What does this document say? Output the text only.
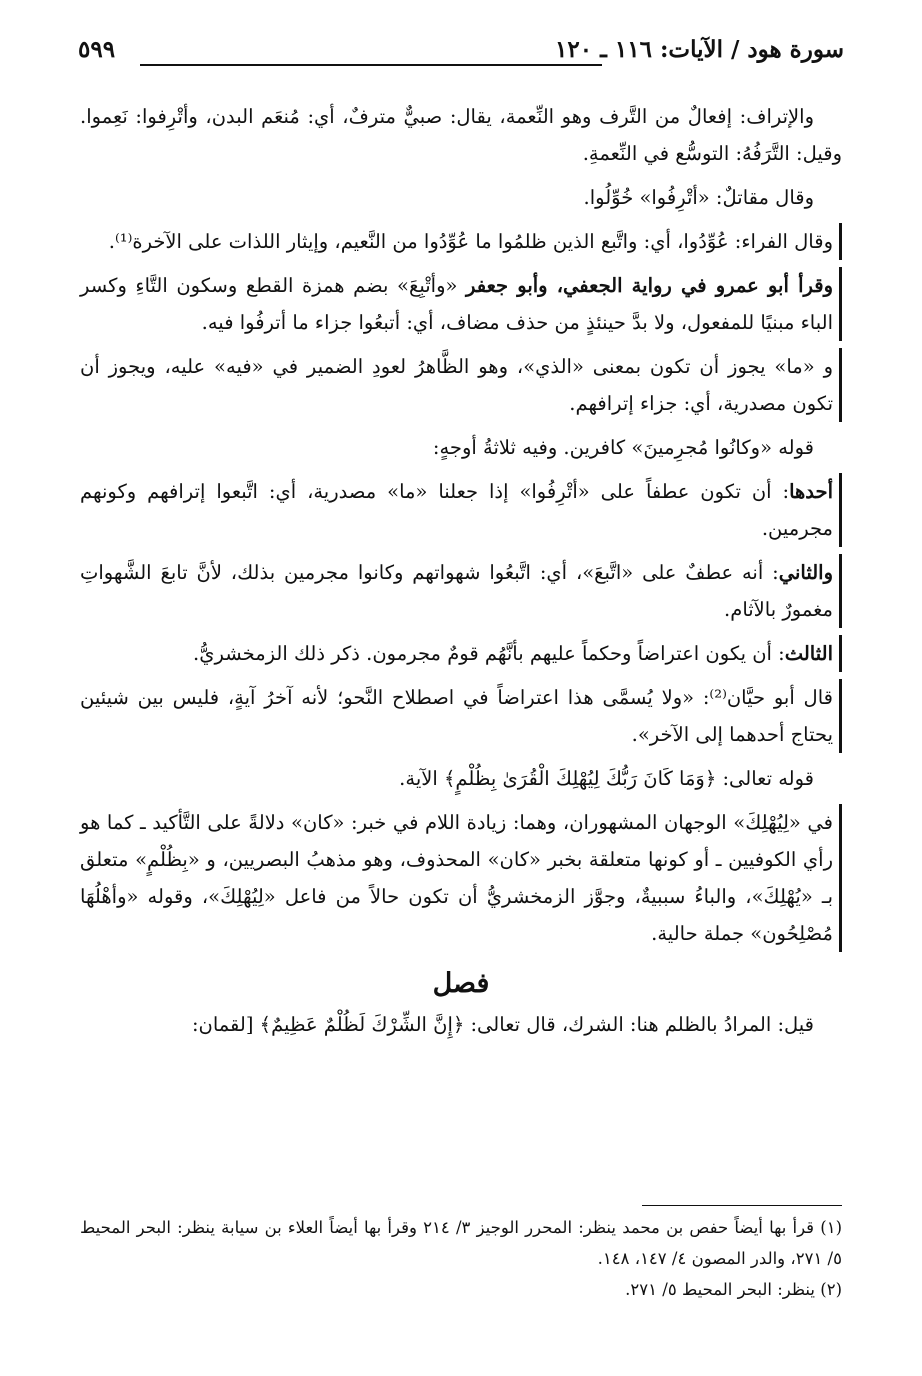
سورة هود / الآيات: ١١٦ ـ ١٢٠
٥٩٩

والإتراف: إفعالٌ من التَّرف وهو النِّعمة، يقال: صبيٌّ مترفٌ، أي: مُنعَم البدن، وأتْرِفوا: نَعِموا. وقيل: التَّرَفُهُ: التوسُّع في النِّعمةِ.

وقال مقاتلٌ: «أتْرِفُوا» خُوِّلُوا.

وقال الفراء: عُوِّدُوا، أي: واتَّبع الذين ظلمُوا ما عُوِّدُوا من النَّعيم، وإيثار اللذات على الآخرة⁽¹⁾.

وقرأ أبو عمرو في رواية الجعفي، وأبو جعفر «وأتْبِعَ» بضم همزة القطع وسكون التَّاءِ وكسر الباء مبنيًا للمفعول، ولا بدَّ حينئذٍ من حذف مضاف، أي: أتبعُوا جزاء ما أترفُوا فيه.

و «ما» يجوز أن تكون بمعنى «الذي»، وهو الظَّاهرُ لعودِ الضمير في «فيه» عليه، ويجوز أن تكون مصدرية، أي: جزاء إترافهم.

قوله «وكانُوا مُجرِمينَ» كافرين. وفيه ثلاثةُ أوجهٍ:

أحدها: أن تكون عطفاً على «أتْرِفُوا» إذا جعلنا «ما» مصدرية، أي: اتَّبعوا إترافهم وكونهم مجرمين.

والثاني: أنه عطفٌ على «اتَّبعَ»، أي: اتَّبعُوا شهواتهم وكانوا مجرمين بذلك، لأنَّ تابعَ الشَّهواتِ مغمورٌ بالآثام.

الثالث: أن يكون اعتراضاً وحكماً عليهم بأنَّهُم قومٌ مجرمون. ذكر ذلك الزمخشريُّ.

قال أبو حيَّان⁽²⁾: «ولا يُسمَّى هذا اعتراضاً في اصطلاح النَّحو؛ لأنه آخرُ آيةٍ، فليس بين شيئين يحتاج أحدهما إلى الآخر».

قوله تعالى: ﴿وَمَا كَانَ رَبُّكَ لِيُهْلِكَ الْقُرَىٰ بِظُلْمٍ﴾ الآية.

في «لِيُهْلِكَ» الوجهان المشهوران، وهما: زيادة اللام في خبر: «كان» دلالةً على التَّأكيد ـ كما هو رأي الكوفيين ـ أو كونها متعلقة بخبر «كان» المحذوف، وهو مذهبُ البصريين، و «بِظُلْمٍ» متعلق بـ «يُهْلِكَ»، والباءُ سببيةٌ، وجوَّز الزمخشريُّ أن تكون حالاً من فاعل «لِيُهْلِكَ»، وقوله «وأهْلُهَا مُصْلِحُون» جملة حالية.

فصل

قيل: المرادُ بالظلم هنا: الشرك، قال تعالى: ﴿إِنَّ الشِّرْكَ لَظُلْمٌ عَظِيمٌ﴾ [لقمان:

(١) قرأ بها أيضاً حفص بن محمد ينظر: المحرر الوجيز ٣/ ٢١٤ وقرأ بها أيضاً العلاء بن سيابة ينظر: البحر المحيط ٥/ ٢٧١، والدر المصون ٤/ ١٤٧، ١٤٨.

(٢) ينظر: البحر المحيط ٥/ ٢٧١.
